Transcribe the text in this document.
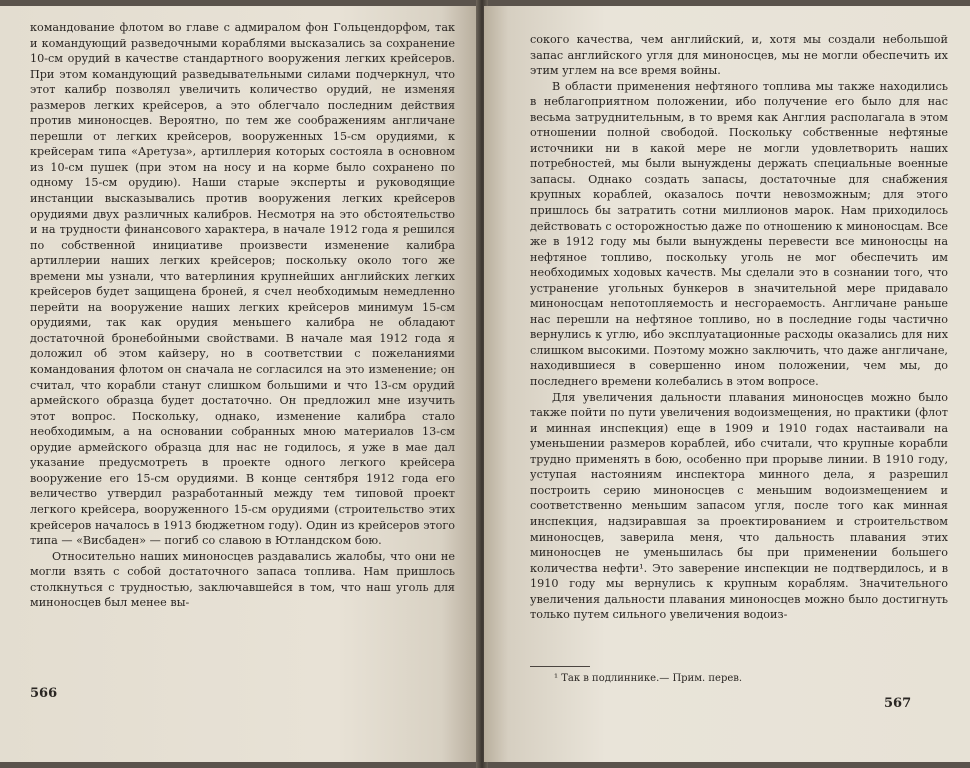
командование флотом во главе с адмиралом фон Гольцендорфом, так и командующий разведочными кораблями высказались за сохранение 10-см орудий в качестве стандартного вооружения легких крейсеров. При этом командующий разведывательными силами подчеркнул, что этот калибр позволял увеличить количество орудий, не изменяя размеров легких крейсеров, а это облегчало последним действия против миноносцев. Вероятно, по тем же соображениям англичане перешли от легких крейсеров, вооруженных 15-см орудиями, к крейсерам типа «Аретуза», артиллерия которых состояла в основном из 10-см пушек (при этом на носу и на корме было сохранено по одному 15-см орудию). Наши старые эксперты и руководящие инстанции высказывались против вооружения легких крейсеров орудиями двух различных калибров. Несмотря на это обстоятельство и на трудности финансового характера, в начале 1912 года я решился по собственной инициативе произвести изменение калибра артиллерии наших легких крейсеров; поскольку около того же времени мы узнали, что ватерлиния крупнейших английских легких крейсеров будет защищена броней, я счел необходимым немедленно перейти на вооружение наших легких крейсеров минимум 15-см орудиями, так как орудия меньшего калибра не обладают достаточной бронебойными свойствами. В начале мая 1912 года я доложил об этом кайзеру, но в соответствии с пожеланиями командования флотом он сначала не согласился на это изменение; он считал, что корабли станут слишком большими и что 13-см орудий армейского образца будет достаточно. Он предложил мне изучить этот вопрос. Поскольку, однако, изменение калибра стало необходимым, а на основании собранных мною материалов 13-см орудие армейского образца для нас не годилось, я уже в мае дал указание предусмотреть в проекте одного легкого крейсера вооружение его 15-см орудиями. В конце сентября 1912 года его величество утвердил разработанный между тем типовой проект легкого крейсера, вооруженного 15-см орудиями (строительство этих крейсеров началось в 1913 бюджетном году). Один из крейсеров этого типа — «Висбаден» — погиб со славою в Ютландском бою.

Относительно наших миноносцев раздавались жалобы, что они не могли взять с собой достаточного запаса топлива. Нам пришлось столкнуться с трудностью, заключавшейся в том, что наш уголь для миноносцев был менее вы-

566

сокого качества, чем английский, и, хотя мы создали небольшой запас английского угля для миноносцев, мы не могли обеспечить их этим углем на все время войны.

В области применения нефтяного топлива мы также находились в неблагоприятном положении, ибо получение его было для нас весьма затруднительным, в то время как Англия располагала в этом отношении полной свободой. Поскольку собственные нефтяные источники ни в какой мере не могли удовлетворить наших потребностей, мы были вынуждены держать специальные военные запасы. Однако создать запасы, достаточные для снабжения крупных кораблей, оказалось почти невозможным; для этого пришлось бы затратить сотни миллионов марок. Нам приходилось действовать с осторожностью даже по отношению к миноносцам. Все же в 1912 году мы были вынуждены перевести все миноносцы на нефтяное топливо, поскольку уголь не мог обеспечить им необходимых ходовых качеств. Мы сделали это в сознании того, что устранение угольных бункеров в значительной мере придавало миноносцам непотопляемость и несгораемость. Англичане раньше нас перешли на нефтяное топливо, но в последние годы частично вернулись к углю, ибо эксплуатационные расходы оказались для них слишком высокими. Поэтому можно заключить, что даже англичане, находившиеся в совершенно ином положении, чем мы, до последнего времени колебались в этом вопросе.

Для увеличения дальности плавания миноносцев можно было также пойти по пути увеличения водоизмещения, но практики (флот и минная инспекция) еще в 1909 и 1910 годах настаивали на уменьшении размеров кораблей, ибо считали, что крупные корабли трудно применять в бою, особенно при прорыве линии. В 1910 году, уступая настояниям инспектора минного дела, я разрешил построить серию миноносцев с меньшим водоизмещением и соответственно меньшим запасом угля, после того как минная инспекция, надзиравшая за проектированием и строительством миноносцев, заверила меня, что дальность плавания этих миноносцев не уменьшилась бы при применении большего количества нефти¹. Это заверение инспекции не подтвердилось, и в 1910 году мы вернулись к крупным кораблям. Значительного увеличения дальности плавания миноносцев можно было достигнуть только путем сильного увеличения водоиз-

¹ Так в подлиннике.— Прим. перев.
567
